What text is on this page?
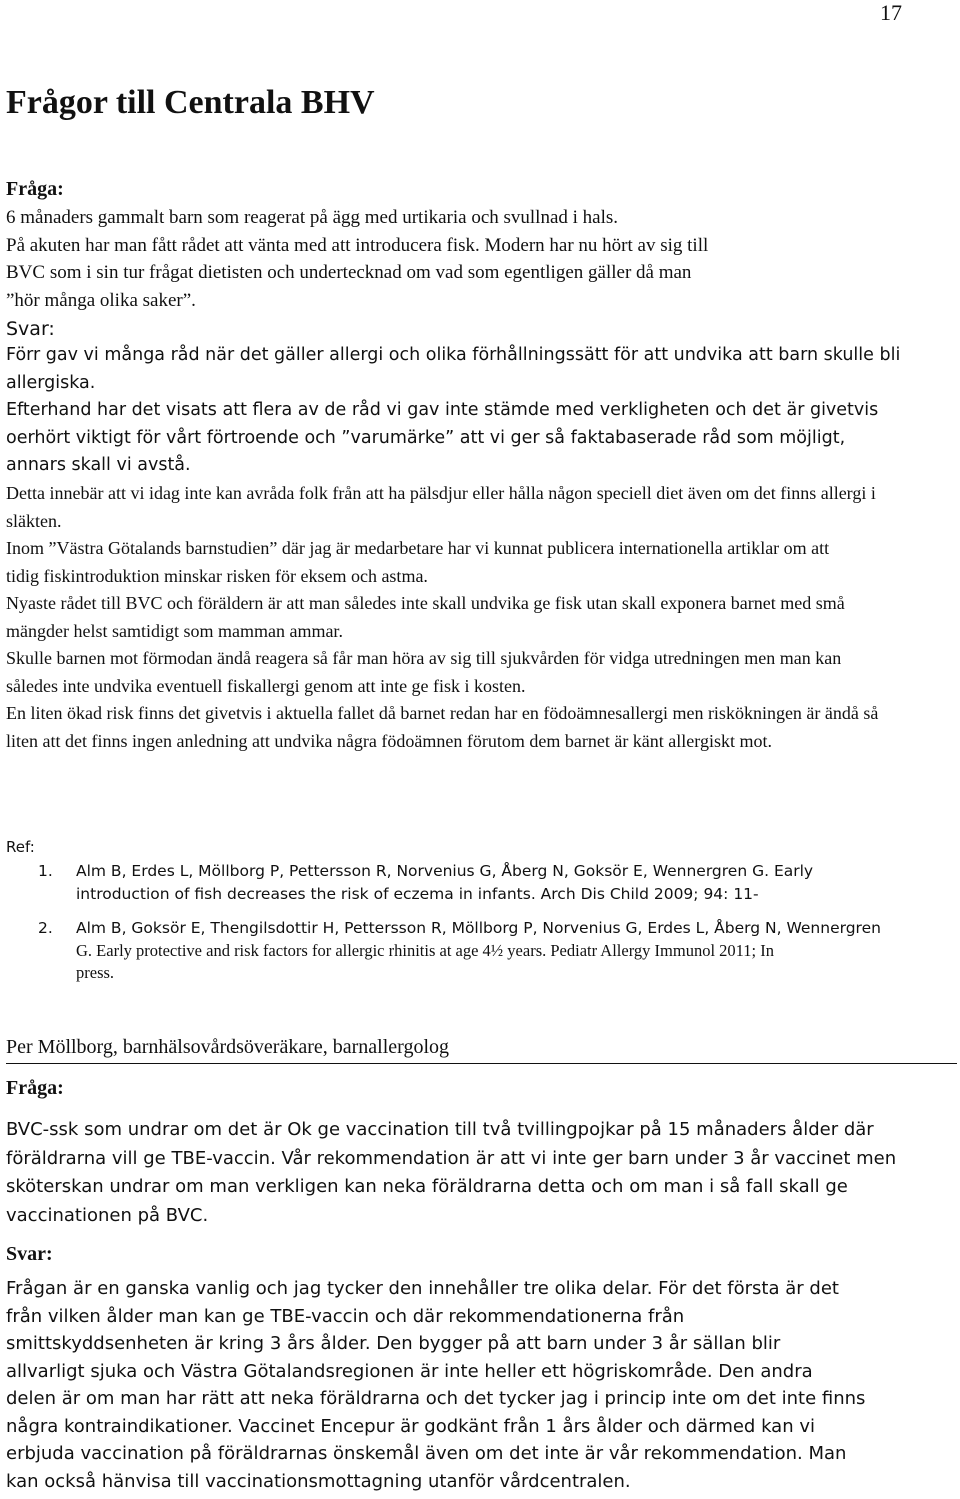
17
Frågor till Centrala BHV
Fråga:
6 månaders gammalt barn som reagerat på ägg med urtikaria och svullnad i hals.
På akuten har man fått rådet att vänta med att introducera fisk. Modern har nu hört av sig till
BVC som i sin tur frågat dietisten och undertecknad om vad som egentligen gäller då man
”hör många olika saker”.
Svar:

Förr gav vi många råd när det gäller allergi och olika förhållningssätt för att undvika att barn skulle bli allergiska.

Efterhand har det visats att flera av de råd vi gav inte stämde med verkligheten och det är givetvis oerhört viktigt för vårt förtroende och ”varumärke” att vi ger så faktabaserade råd som möjligt, annars skall vi avstå.

Detta innebär att vi idag inte kan avråda folk från att ha pälsdjur eller hålla någon speciell diet även om det finns allergi i släkten.

Inom ”Västra Götalands barnstudien” där jag är medarbetare har vi kunnat publicera internationella artiklar om att tidig fiskintroduktion minskar risken för eksem och astma.

Nyaste rådet till BVC och föräldern är att man således inte skall undvika ge fisk utan skall exponera barnet med små mängder helst samtidigt som mamman ammar.

Skulle barnen mot förmodan ändå reagera så får man höra av sig till sjukvården för vidga utredningen men man kan således inte undvika eventuell fiskallergi genom att inte ge fisk i kosten.

En liten ökad risk finns det givetvis i aktuella fallet då barnet redan har en födoämnesallergi men riskökningen är ändå så liten att det finns ingen anledning att undvika några födoämnen förutom dem barnet är känt allergiskt mot.

Ref:
1. Alm B, Erdes L, Möllborg P, Pettersson R, Norvenius G, Åberg N, Goksör E, Wennergren G. Early
introduction of fish decreases the risk of eczema in infants. Arch Dis Child 2009; 94: 11-
2. Alm B, Goksör E, Thengilsdottir H, Pettersson R, Möllborg P, Norvenius G, Erdes L, Åberg N, Wennergren
G. Early protective and risk factors for allergic rhinitis at age 4½ years. Pediatr Allergy Immunol 2011; In
press.
Per Möllborg, barnhälsovårdsöveräkare, barnallergolog
Fråga:
BVC-ssk som undrar om det är Ok ge vaccination till två tvillingpojkar på 15 månaders ålder där föräldrarna vill ge TBE-vaccin. Vår rekommendation är att vi inte ger barn under 3 år vaccinet men sköterskan undrar om man verkligen kan neka föräldrarna detta och om man i så fall skall ge vaccinationen på BVC.
Svar:
Frågan är en ganska vanlig och jag tycker den innehåller tre olika delar. För det första är det
från vilken ålder man kan ge TBE-vaccin och där rekommendationerna från
smittskyddsenheten är kring 3 års ålder. Den bygger på att barn under 3 år sällan blir
allvarligt sjuka och Västra Götalandsregionen är inte heller ett högriskområde. Den andra
delen är om man har rätt att neka föräldrarna och det tycker jag i princip inte om det inte finns
några kontraindikationer. Vaccinet Encepur är godkänt från 1 års ålder och därmed kan vi
erbjuda vaccination på föräldrarnas önskemål även om det inte är vår rekommendation. Man
kan också hänvisa till vaccinationsmottagning utanför vårdcentralen.
